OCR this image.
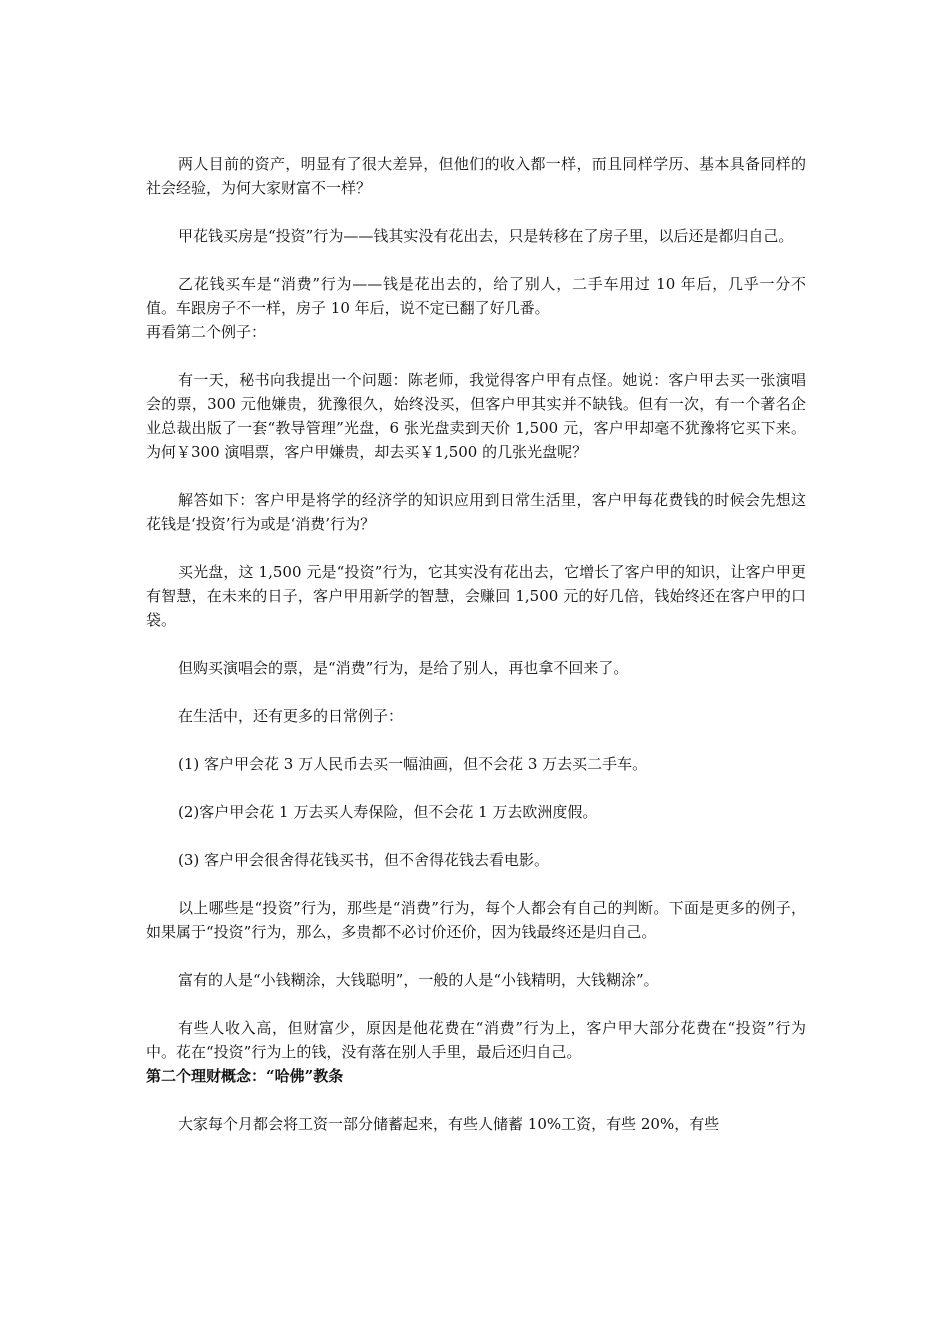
两人目前的资产，明显有了很大差异，但他们的收入都一样，而且同样学历、基本具备同样的社会经验，为何大家财富不一样？

甲花钱买房是“投资”行为——钱其实没有花出去，只是转移在了房子里，以后还是都归自己。

乙花钱买车是“消费”行为——钱是花出去的，给了别人，二手车用过 10 年后，几乎一分不值。车跟房子不一样，房子 10 年后，说不定已翻了好几番。

再看第二个例子：

有一天，秘书向我提出一个问题：陈老师，我觉得客户甲有点怪。她说：客户甲去买一张演唱会的票，300 元他嫌贵，犹豫很久，始终没买，但客户甲其实并不缺钱。但有一次，有一个著名企业总裁出版了一套“教导管理”光盘，6 张光盘卖到天价 1,500 元，客户甲却毫不犹豫将它买下来。为何￥300 演唱票，客户甲嫌贵，却去买￥1,500 的几张光盘呢？

解答如下：客户甲是将学的经济学的知识应用到日常生活里，客户甲每花费钱的时候会先想这花钱是‘投资’行为或是‘消费’行为？

买光盘，这 1,500 元是“投资”行为，它其实没有花出去，它增长了客户甲的知识，让客户甲更有智慧，在未来的日子，客户甲用新学的智慧，会赚回 1,500 元的好几倍，钱始终还在客户甲的口袋。

但购买演唱会的票，是“消费”行为，是给了别人，再也拿不回来了。

在生活中，还有更多的日常例子：

(1) 客户甲会花 3 万人民币去买一幅油画，但不会花 3 万去买二手车。

(2)客户甲会花 1 万去买人寿保险，但不会花 1 万去欧洲度假。

(3) 客户甲会很舍得花钱买书，但不舍得花钱去看电影。

以上哪些是“投资”行为，那些是“消费”行为，每个人都会有自己的判断。下面是更多的例子，如果属于“投资”行为，那么，多贵都不必讨价还价，因为钱最终还是归自己。

富有的人是“小钱糊涂，大钱聪明”，一般的人是“小钱精明，大钱糊涂”。

有些人收入高，但财富少，原因是他花费在“消费”行为上，客户甲大部分花费在“投资”行为中。花在“投资”行为上的钱，没有落在别人手里，最后还归自己。

第二个理财概念：“哈佛”教条

大家每个月都会将工资一部分储蓄起来，有些人储蓄 10%工资，有些 20%，有些
